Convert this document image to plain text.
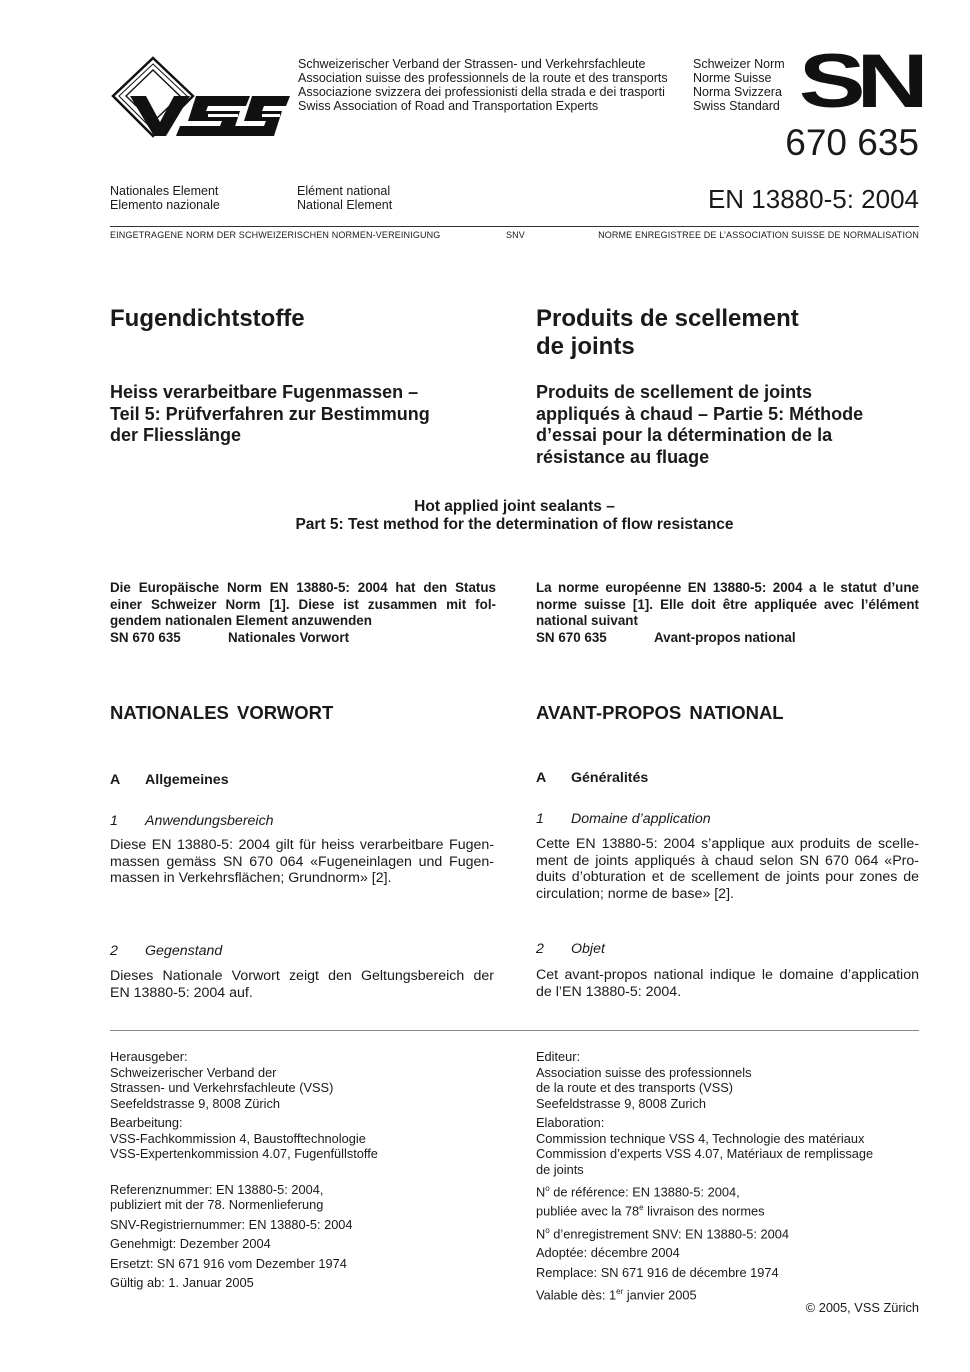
Schweizerischer Verband der Strassen- und Verkehrsfachleute
Association suisse des professionnels de la route et des transports
Associazione svizzera dei professionisti della strada e dei trasporti
Swiss Association of Road and Transportation Experts
Schweizer Norm
Norme Suisse
Norma Svizzera
Swiss Standard SN
670 635
Nationales Element
Elemento nazionale
Elément national
National Element	EN 13880-5: 2004
EINGETRAGENE NORM DER SCHWEIZERISCHEN NORMEN-VEREINIGUNG	SNV	NORME ENREGISTREE DE L’ASSOCIATION SUISSE DE NORMALISATION
Fugendichtstoffe	Produits de scellement
de joints
Heiss verarbeitbare Fugenmassen –
Teil 5: Prüfverfahren zur Bestimmung
der Fliesslänge
Produits de scellement de joints
appliqués à chaud – Partie 5: Méthode
d’essai pour la détermination de la
résistance au fluage
Hot applied joint sealants –
Part 5: Test method for the determination of flow resistance
Die Europäische Norm EN 13880-5: 2004 hat den Status
einer Schweizer Norm [1]. Diese ist zusammen mit fol-
gendem nationalen Element anzuwenden
SN 670 635	Nationales Vorwort
La norme européenne EN 13880-5: 2004 a le statut d’une
norme suisse [1]. Elle doit être appliquée avec l’élément
national suivant
SN 670 635	Avant-propos national
NATIONALES VORWORT	AVANT-PROPOS NATIONAL
A Allgemeines	A Généralités
1 Anwendungsbereich
Diese EN 13880-5: 2004 gilt für heiss verarbeitbare Fugen-
massen gemäss SN 670 064 «Fugeneinlagen und Fugen-
massen in Verkehrsflächen; Grundnorm» [2].
1 Domaine d’application
Cette EN 13880-5: 2004 s’applique aux produits de scelle-
ment de joints appliqués à chaud selon SN 670 064 «Pro-
duits d’obturation et de scellement de joints pour zones de
circulation; norme de base» [2].
2 Gegenstand
Dieses Nationale Vorwort zeigt den Geltungsbereich der
EN 13880-5: 2004 auf.
2 Objet
Cet avant-propos national indique le domaine d’application
de l’EN 13880-5: 2004.
Herausgeber:
Schweizerischer Verband der
Strassen- und Verkehrsfachleute (VSS)
Seefeldstrasse 9, 8008 Zürich
Bearbeitung:
VSS-Fachkommission 4, Baustofftechnologie
VSS-Expertenkommission 4.07, Fugenfüllstoffe
Referenznummer: EN 13880-5: 2004,
publiziert mit der 78. Normenlieferung
SNV-Registriernummer: EN 13880-5: 2004
Genehmigt: Dezember 2004
Ersetzt: SN 671 916 vom Dezember 1974
Gültig ab: 1. Januar 2005
Editeur:
Association suisse des professionnels
de la route et des transports (VSS)
Seefeldstrasse 9, 8008 Zurich
Elaboration:
Commission technique VSS 4, Technologie des matériaux
Commission d’experts VSS 4.07, Matériaux de remplissage
de joints
$N^o$ de référence: EN 13880-5: 2004,
publiée avec la 78e livraison des normes
$N^o$ d’enregistrement SNV: EN 13880-5: 2004
Adoptée: décembre 2004
Remplace: SN 671 916 de décembre 1974
Valable dès: 1er janvier 2005
© 2005, VSS Zürich
